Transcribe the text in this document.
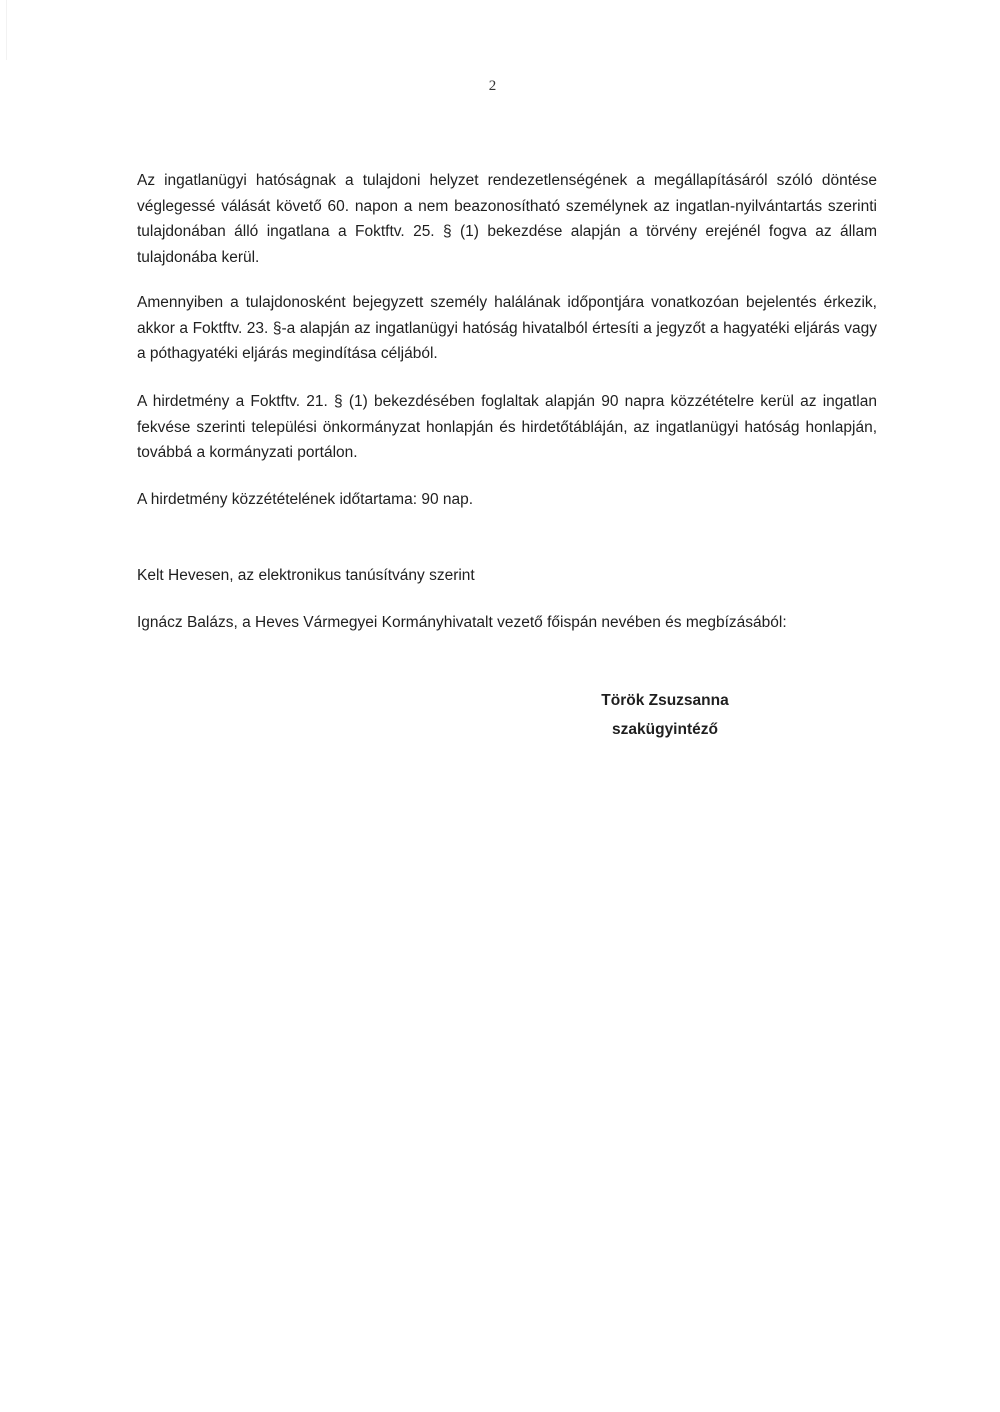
2

Az ingatlanügyi hatóságnak a tulajdoni helyzet rendezetlenségének a megállapításáról szóló döntése véglegessé válását követő 60. napon a nem beazonosítható személynek az ingatlan-nyilvántartás szerinti tulajdonában álló ingatlana a Foktftv. 25. § (1) bekezdése alapján a törvény erejénél fogva az állam tulajdonába kerül.

Amennyiben a tulajdonosként bejegyzett személy halálának időpontjára vonatkozóan bejelentés érkezik, akkor a Foktftv. 23. §-a alapján az ingatlanügyi hatóság hivatalból értesíti a jegyzőt a hagyatéki eljárás vagy a póthagyatéki eljárás megindítása céljából.

A hirdetmény a Foktftv. 21. § (1) bekezdésében foglaltak alapján 90 napra közzétételre kerül az ingatlan fekvése szerinti települési önkormányzat honlapján és hirdetőtábláján, az ingatlanügyi hatóság honlapján, továbbá a kormányzati portálon.

A hirdetmény közzétételének időtartama: 90 nap.

Kelt Hevesen, az elektronikus tanúsítvány szerint

Ignácz Balázs, a Heves Vármegyei Kormányhivatalt vezető főispán nevében és megbízásából:

Török Zsuzsanna
szakügyintéző
